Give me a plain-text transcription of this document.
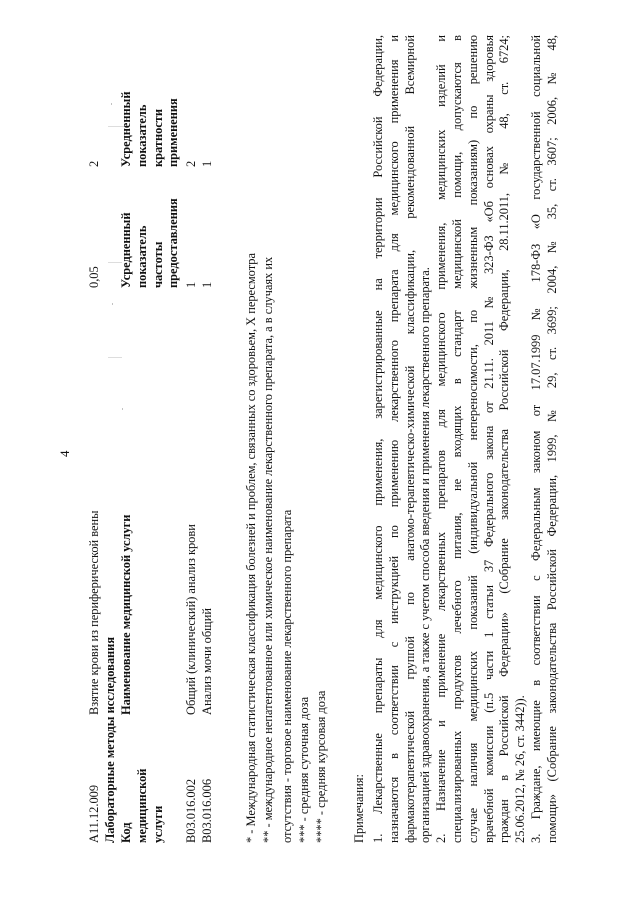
4
A11.12.009
Взятие крови из периферической вены
0,05
2
Лабораторные методы исследования Код медицинской услуги
Наименование медицинской услуги
Усредненный показатель частоты предоставления
Усредненный показатель кратности применения
B03.016.002
Общий (клинический) анализ крови
1
2
B03.016.006
Анализ мочи общий
1
1
* - Международная статистическая классификация болезней и проблем, связанных со здоровьем, X пересмотра ** - международное непатентованное или химическое наименование лекарственного препарата, а в случаях их отсутствия - торговое наименование лекарственного препарата *** - средняя суточная доза **** - средняя курсовая доза Примечания: 1. Лекарственные препараты для медицинского применения, зарегистрированные на территории Российской Федерации, назначаются в соответствии с инструкцией по применению лекарственного препарата для медицинского применения и фармакотерапевтической группой по анатомо-терапевтическо-химической классификации, рекомендованной Всемирной организацией здравоохранения, а также с учетом способа введения и применения лекарственного препарата. 2. Назначение и применение лекарственных препаратов для медицинского применения, медицинских изделий и специализированных продуктов лечебного питания, не входящих в стандарт медицинской помощи, допускаются в случае наличия медицинских показаний (индивидуальной непереносимости, по жизненным показаниям) по решению врачебной комиссии (п.5 части 1 статьи 37 Федерального закона от 21.11. 2011 № 323-ФЗ «Об основах охраны здоровья граждан в Российской Федерации» (Собрание законодательства Российской Федерации, 28.11.2011, № 48, ст. 6724; 25.06.2012, № 26, ст. 3442)). 3. Граждане, имеющие в соответствии с Федеральным законом от 17.07.1999 № 178-ФЗ «О государственной социальной помощи» (Собрание законодательства Российской Федерации, 1999, № 29, ст. 3699; 2004, № 35, ст. 3607; 2006, № 48,
